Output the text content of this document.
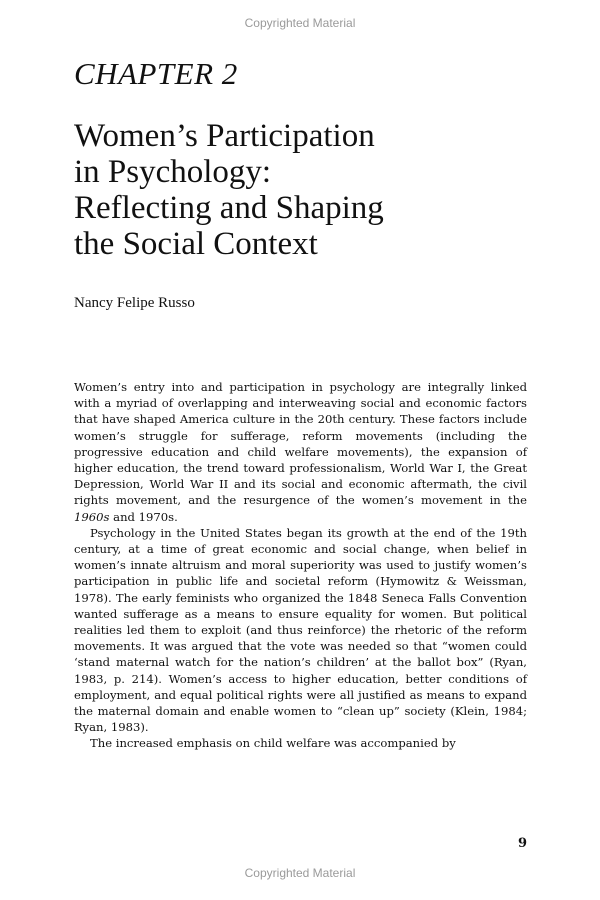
Copyrighted Material
CHAPTER 2
Women’s Participation
in Psychology:
Reflecting and Shaping
the Social Context
Nancy Felipe Russo

Women’s entry into and participation in psychology are integrally linked with a myriad of overlapping and interweaving social and economic factors that have shaped America culture in the 20th century. These factors include women’s struggle for sufferage, reform movements (including the progressive education and child welfare movements), the expansion of higher education, the trend toward professionalism, World War I, the Great Depression, World War II and its social and economic aftermath, the civil rights movement, and the resurgence of the women’s movement in the 1960s and 1970s.

Psychology in the United States began its growth at the end of the 19th century, at a time of great economic and social change, when belief in women’s innate altruism and moral superiority was used to justify women’s participation in public life and societal reform (Hymowitz & Weissman, 1978). The early feminists who organized the 1848 Seneca Falls Convention wanted sufferage as a means to ensure equality for women. But political realities led them to exploit (and thus reinforce) the rhetoric of the reform movements. It was argued that the vote was needed so that “women could ‘stand maternal watch for the nation’s children’ at the ballot box” (Ryan, 1983, p. 214). Women’s access to higher education, better conditions of employment, and equal political rights were all justified as means to expand the maternal domain and enable women to “clean up” society (Klein, 1984; Ryan, 1983).

The increased emphasis on child welfare was accompanied by

9
Copyrighted Material
